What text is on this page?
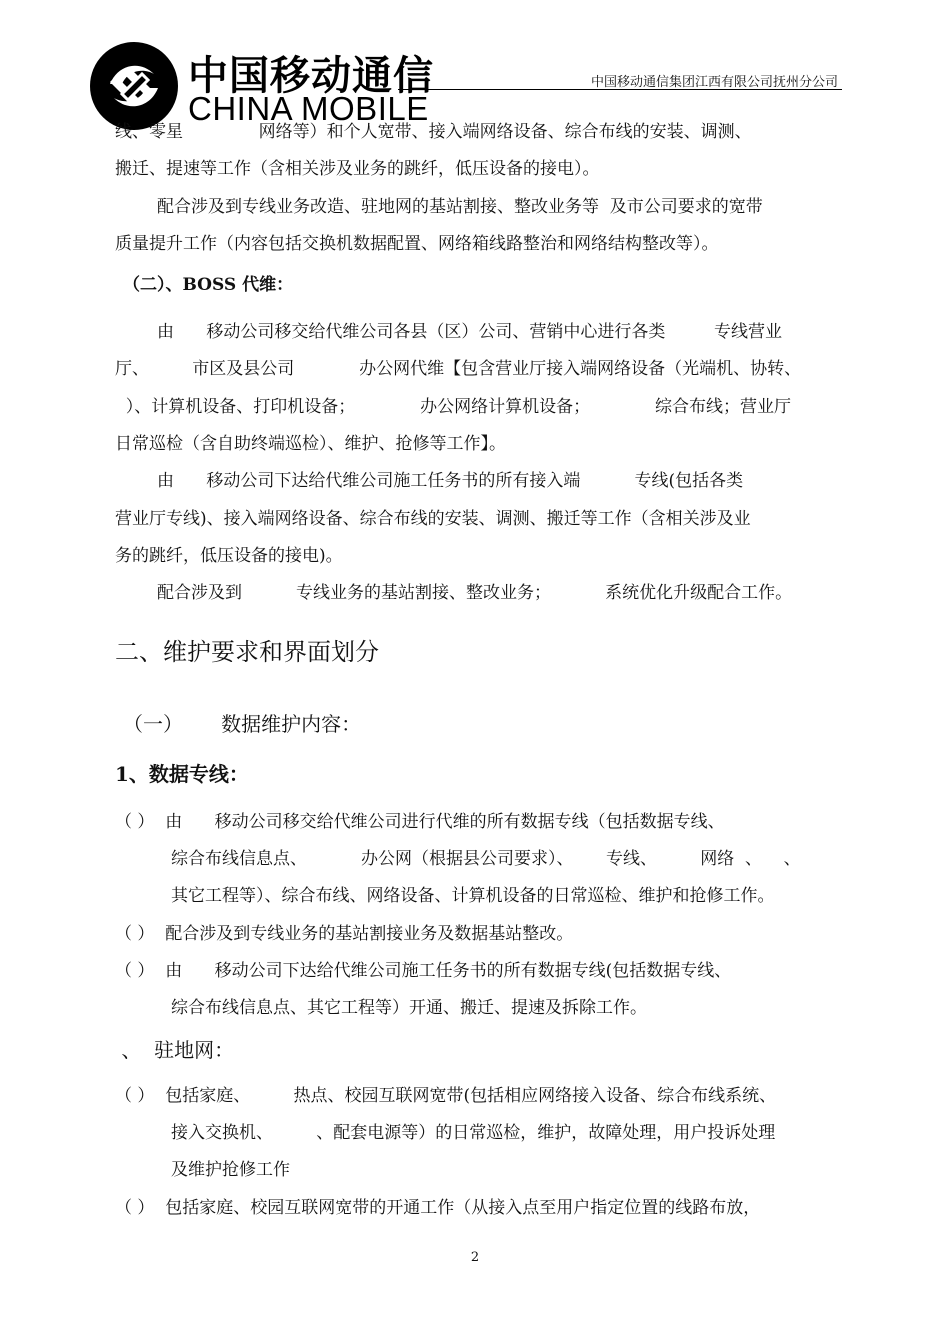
中国移动通信
CHINA MOBILE
中国移动通信集团江西有限公司抚州分公司
线、零星              网络等）和个人宽带、接入端网络设备、综合布线的安装、调测、
搬迁、提速等工作（含相关涉及业务的跳纤，低压设备的接电）。
配合涉及到专线业务改造、驻地网的基站割接、整改业务等  及市公司要求的宽带
质量提升工作（内容包括交换机数据配置、网络箱线路整治和网络结构整改等）。
（二）、BOSS 代维：
由      移动公司移交给代维公司各县（区）公司、营销中心进行各类         专线营业
厅、        市区及县公司            办公网代维【包含营业厅接入端网络设备（光端机、协转、
）、计算机设备、打印机设备；            办公网络计算机设备；            综合布线；营业厅
日常巡检（含自助终端巡检）、维护、抢修等工作】。
由      移动公司下达给代维公司施工任务书的所有接入端          专线(包括各类
营业厅专线)、接入端网络设备、综合布线的安装、调测、搬迁等工作（含相关涉及业
务的跳纤，低压设备的接电)。
配合涉及到          专线业务的基站割接、整改业务；          系统优化升级配合工作。
二、维护要求和界面划分
（一）      数据维护内容：
1、数据专线：
（ ）  由      移动公司移交给代维公司进行代维的所有数据专线（包括数据专线、
综合布线信息点、          办公网（根据县公司要求）、      专线、        网络  、    、
其它工程等）、综合布线、网络设备、计算机设备的日常巡检、维护和抢修工作。
（ ）  配合涉及到专线业务的基站割接业务及数据基站整改。
（ ）  由      移动公司下达给代维公司施工任务书的所有数据专线(包括数据专线、
综合布线信息点、其它工程等）开通、搬迁、提速及拆除工作。
、  驻地网：
（ ）  包括家庭、        热点、校园互联网宽带(包括相应网络接入设备、综合布线系统、
接入交换机、        、配套电源等）的日常巡检，维护，故障处理，用户投诉处理
及维护抢修工作
（ ）  包括家庭、校园互联网宽带的开通工作（从接入点至用户指定位置的线路布放，
2
